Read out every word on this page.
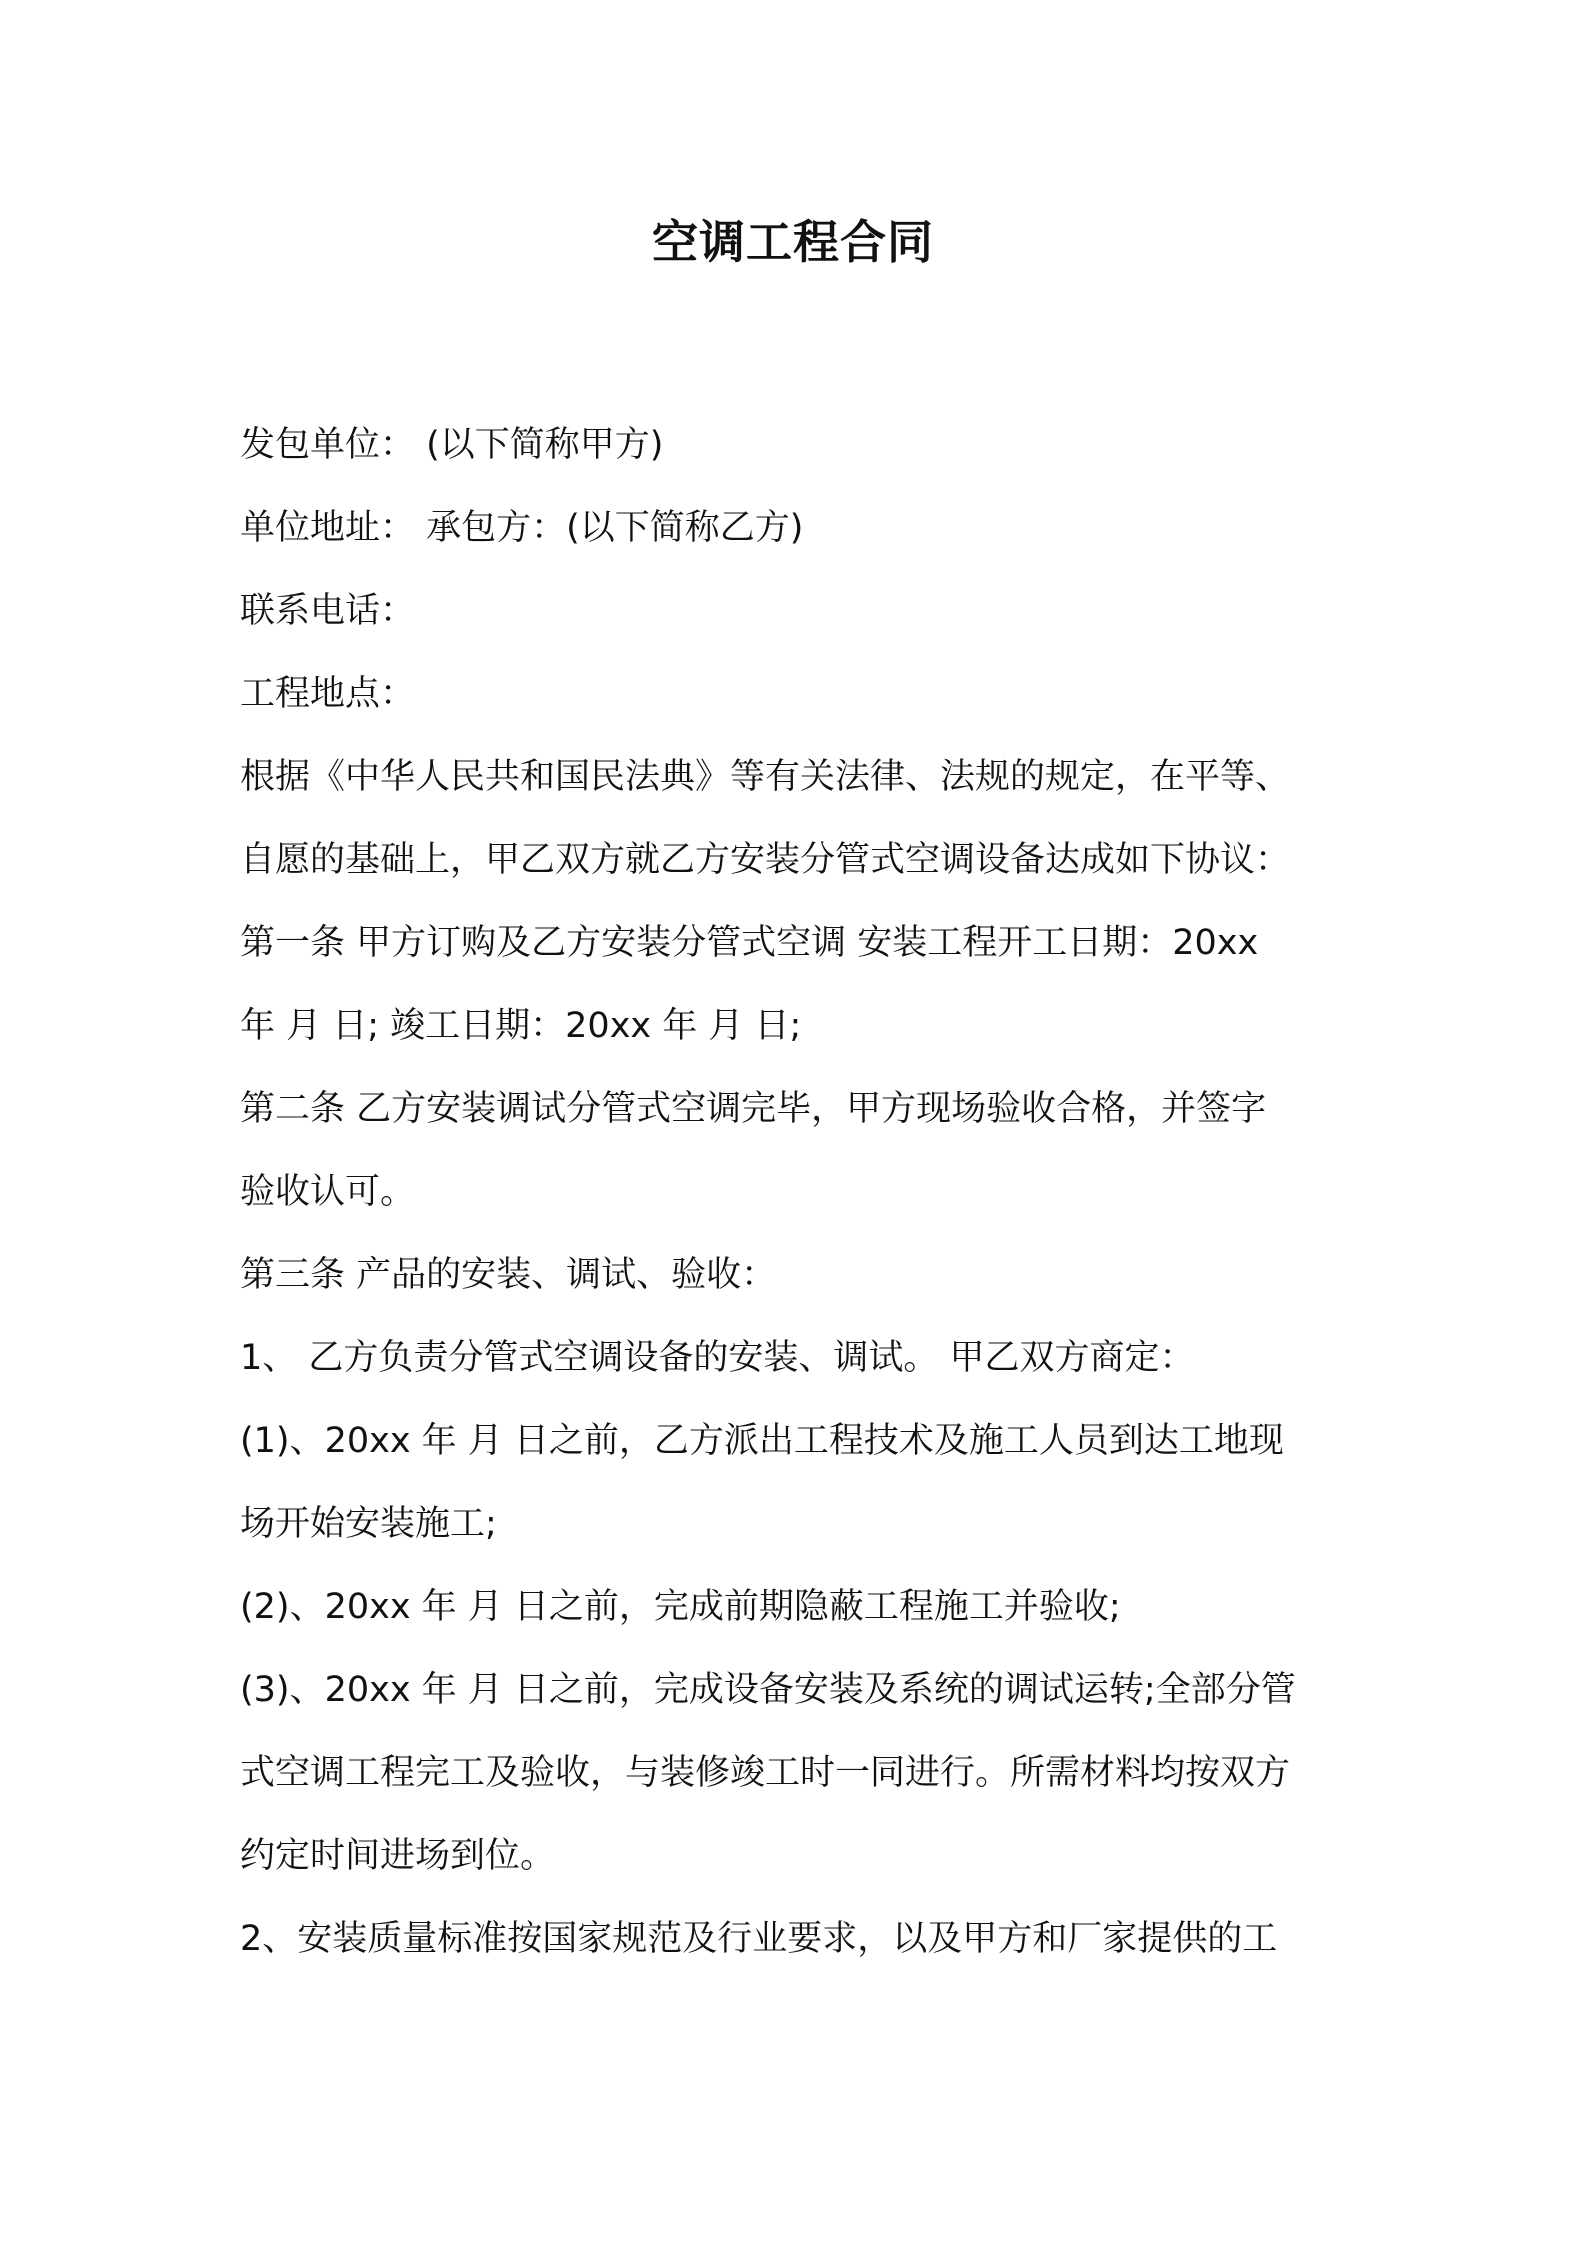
空调工程合同
发包单位： (以下简称甲方)
单位地址： 承包方：(以下简称乙方)
联系电话：
工程地点：
根据《中华人民共和国民法典》等有关法律、法规的规定，在平等、
自愿的基础上，甲乙双方就乙方安装分管式空调设备达成如下协议：
第一条 甲方订购及乙方安装分管式空调 安装工程开工日期：20xx
年 月 日; 竣工日期：20xx 年 月 日;
第二条 乙方安装调试分管式空调完毕，甲方现场验收合格，并签字
验收认可。
第三条 产品的安装、调试、验收：
1、 乙方负责分管式空调设备的安装、调试。 甲乙双方商定：
(1)、20xx 年 月 日之前，乙方派出工程技术及施工人员到达工地现
场开始安装施工;
(2)、20xx 年 月 日之前，完成前期隐蔽工程施工并验收;
(3)、20xx 年 月 日之前，完成设备安装及系统的调试运转;全部分管
式空调工程完工及验收，与装修竣工时一同进行。所需材料均按双方
约定时间进场到位。
2、安装质量标准按国家规范及行业要求，以及甲方和厂家提供的工
